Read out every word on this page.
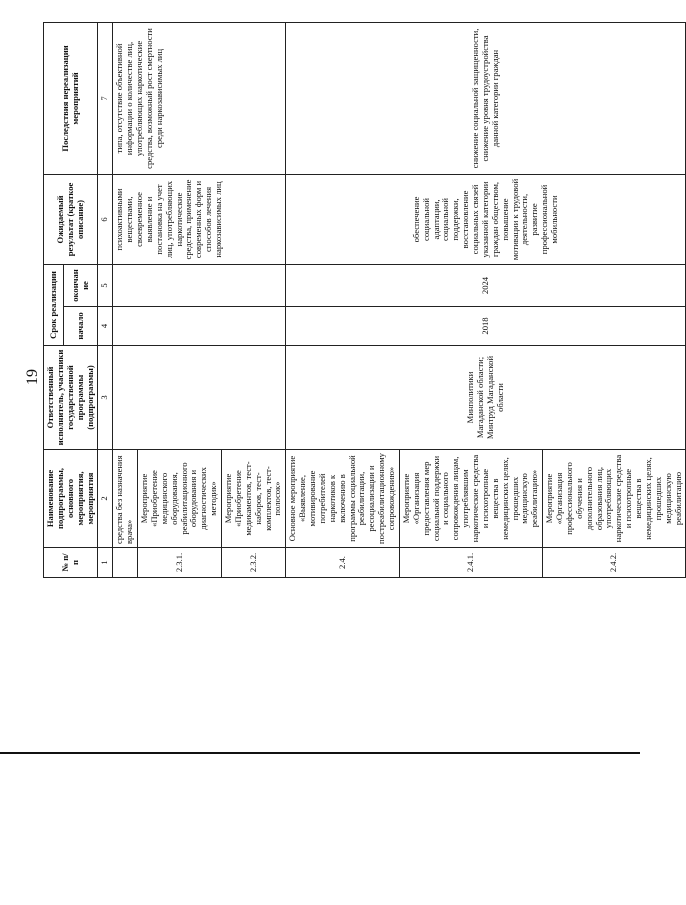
19
№ п/п	Наименование подпрограммы, основного мероприятия, мероприятия	Ответственный исполнитель, участники государственной программы (подпрограммы)	Срок реализации		Ожидаемый результат (краткое описание)	Последствия нереализации мероприятий
			начало	окончание		
1	2	3	4	5	6	7
	средства без назначения врача»				психоактивными веществами, своевременное выявление и постановка на учет лиц, употребляющих наркотические средства, применение современных форм и способов лечения наркозависимых лиц	типа, отсутствие объективной информации о количестве лиц, употребляющих наркотические средства, возможный рост смертности среди наркозависимых лиц
2.3.1.	Мероприятие «Приобретение медицинского оборудования, реабилитационного оборудования и диагностических методик»					
2.3.2.	Мероприятие «Приобретение медикаментов, тест-наборов, тест-комплектов, тест-полосок»					
2.4.	Основное мероприятие «Выявление, мотивирование потребителей наркотиков к включению в программы социальной реабилитации, ресоциализации и постреабилитационному сопровождению»	Минполитики Магаданской области; Минтруд Магаданской области	2018	2024	обеспечение социальной адаптации, социальной поддержки, восстановление социальных связей указанной категории граждан обществом, повышение мотивации к трудовой деятельности, развитие профессиональной мобильности	снижение социальной защищенности, снижение уровня трудоустройства данной категории граждан
2.4.1.	Мероприятие «Организация предоставления мер социальной поддержки и социального сопровождения лицам, употреблявшим наркотические средства и психотропные вещества в немедицинских целях, прошедших медицинскую реабилитацию»					
2.4.2.	Мероприятие «Организация профессионального обучения и дополнительного образования лиц, употребляющих наркотические средства и психотропные вещества в немедицинских целях, прошедших медицинскую реабилитацию					
